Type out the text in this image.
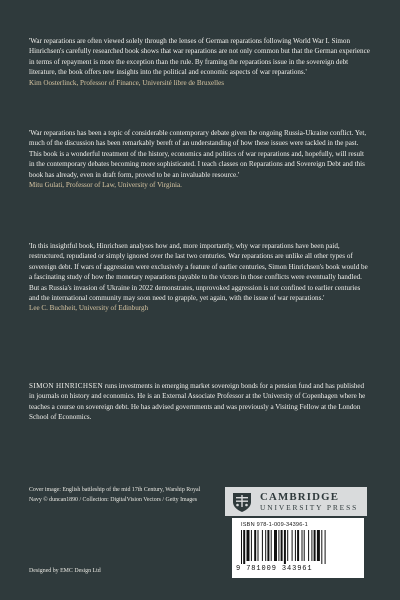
'War reparations are often viewed solely through the lenses of German reparations following World War I. Simon Hinrichsen's carefully researched book shows that war reparations are not only common but that the German experience in terms of repayment is more the exception than the rule. By framing the reparations issue in the sovereign debt literature, the book offers new insights into the political and economic aspects of war reparations.'

Kim Oosterlinck, Professor of Finance, Université libre de Bruxelles

'War reparations has been a topic of considerable contemporary debate given the ongoing Russia-Ukraine conflict. Yet, much of the discussion has been remarkably bereft of an understanding of how these issues were tackled in the past. This book is a wonderful treatment of the history, economics and politics of war reparations and, hopefully, will result in the contemporary debates becoming more sophisticated. I teach classes on Reparations and Sovereign Debt and this book has already, even in draft form, proved to be an invaluable resource.'

Mitu Gulati, Professor of Law, University of Virginia.

'In this insightful book, Hinrichsen analyses how and, more importantly, why war reparations have been paid, restructured, repudiated or simply ignored over the last two centuries. War reparations are unlike all other types of sovereign debt. If wars of aggression were exclusively a feature of earlier centuries, Simon Hinrichsen's book would be a fascinating study of how the monetary reparations payable to the victors in those conflicts were eventually handled. But as Russia's invasion of Ukraine in 2022 demonstrates, unprovoked aggression is not confined to earlier centuries and the international community may soon need to grapple, yet again, with the issue of war reparations.'

Lee C. Buchheit, University of Edinburgh

SIMON HINRICHSEN runs investments in emerging market sovereign bonds for a pension fund and has published in journals on history and economics. He is an External Associate Professor at the University of Copenhagen where he teaches a course on sovereign debt. He has advised governments and was previously a Visiting Fellow at the London School of Economics.

Cover image: English battleship of the mid 17th Century, Warship Royal Navy © duncan1890 / Collection: DigitalVision Vectors / Getty Images

Designed by EMC Design Ltd
CAMBRIDGE
UNIVERSITY PRESS
ISBN 978-1-009-34396-1
9 781009 343961
